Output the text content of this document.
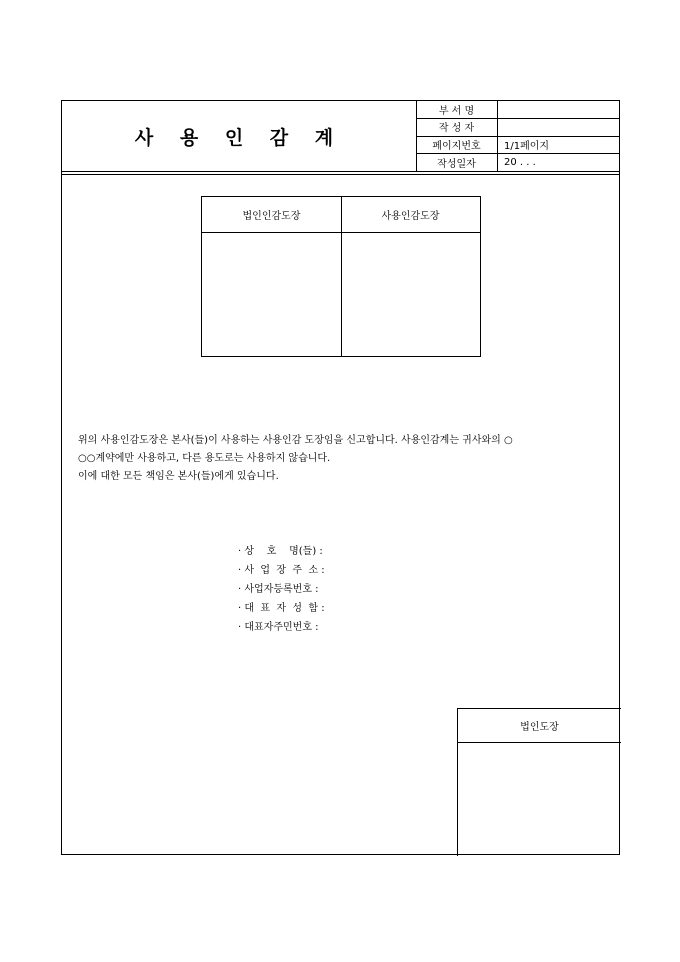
사 용 인 감 계
부 서 명
작 성 자
페이지번호	1/1페이지
작성일자	20 . . .
법인인감도장	사용인감도장
위의 사용인감도장은 본사(들)이 사용하는 사용인감 도장임을 신고합니다. 사용인감계는 귀사와의 ○
○○계약에만 사용하고, 다른 용도로는 사용하지 않습니다.
이에 대한 모든 책임은 본사(들)에게 있습니다.
· 상    호    명(들) :
· 사  업  장  주  소 :
· 사업자등록번호 :
· 대  표  자  성  함 :
· 대표자주민번호 :
법인도장
